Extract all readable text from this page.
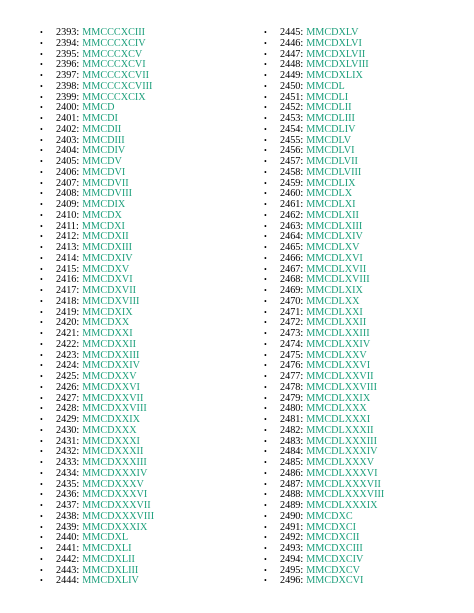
•	2393 : MMCCCXCIII
•	2394 : MMCCCXCIV
•	2395 : MMCCCXCV
•	2396 : MMCCCXCVI
•	2397 : MMCCCXCVII
•	2398 : MMCCCXCVIII
•	2399 : MMCCCXCIX
•	2400 : MMCD
•	2401 : MMCDI
•	2402 : MMCDII
•	2403 : MMCDIII
•	2404 : MMCDIV
•	2405 : MMCDV
•	2406 : MMCDVI
•	2407 : MMCDVII
•	2408 : MMCDVIII
•	2409 : MMCDIX
•	2410 : MMCDX
•	2411 : MMCDXI
•	2412 : MMCDXII
•	2413 : MMCDXIII
•	2414 : MMCDXIV
•	2415 : MMCDXV
•	2416 : MMCDXVI
•	2417 : MMCDXVII
•	2418 : MMCDXVIII
•	2419 : MMCDXIX
•	2420 : MMCDXX
•	2421 : MMCDXXI
•	2422 : MMCDXXII
•	2423 : MMCDXXIII
•	2424 : MMCDXXIV
•	2425 : MMCDXXV
•	2426 : MMCDXXVI
•	2427 : MMCDXXVII
•	2428 : MMCDXXVIII
•	2429 : MMCDXXIX
•	2430 : MMCDXXX
•	2431 : MMCDXXXI
•	2432 : MMCDXXXII
•	2433 : MMCDXXXIII
•	2434 : MMCDXXXIV
•	2435 : MMCDXXXV
•	2436 : MMCDXXXVI
•	2437 : MMCDXXXVII
•	2438 : MMCDXXXVIII
•	2439 : MMCDXXXIX
•	2440 : MMCDXL
•	2441 : MMCDXLI
•	2442 : MMCDXLII
•	2443 : MMCDXLIII
•	2444 : MMCDXLIV
•	2445 : MMCDXLV
•	2446 : MMCDXLVI
•	2447 : MMCDXLVII
•	2448 : MMCDXLVIII
•	2449 : MMCDXLIX
•	2450 : MMCDL
•	2451 : MMCDLI
•	2452 : MMCDLII
•	2453 : MMCDLIII
•	2454 : MMCDLIV
•	2455 : MMCDLV
•	2456 : MMCDLVI
•	2457 : MMCDLVII
•	2458 : MMCDLVIII
•	2459 : MMCDLIX
•	2460 : MMCDLX
•	2461 : MMCDLXI
•	2462 : MMCDLXII
•	2463 : MMCDLXIII
•	2464 : MMCDLXIV
•	2465 : MMCDLXV
•	2466 : MMCDLXVI
•	2467 : MMCDLXVII
•	2468 : MMCDLXVIII
•	2469 : MMCDLXIX
•	2470 : MMCDLXX
•	2471 : MMCDLXXI
•	2472 : MMCDLXXII
•	2473 : MMCDLXXIII
•	2474 : MMCDLXXIV
•	2475 : MMCDLXXV
•	2476 : MMCDLXXVI
•	2477 : MMCDLXXVII
•	2478 : MMCDLXXVIII
•	2479 : MMCDLXXIX
•	2480 : MMCDLXXX
•	2481 : MMCDLXXXI
•	2482 : MMCDLXXXII
•	2483 : MMCDLXXXIII
•	2484 : MMCDLXXXIV
•	2485 : MMCDLXXXV
•	2486 : MMCDLXXXVI
•	2487 : MMCDLXXXVII
•	2488 : MMCDLXXXVIII
•	2489 : MMCDLXXXIX
•	2490 : MMCDXC
•	2491 : MMCDXCI
•	2492 : MMCDXCII
•	2493 : MMCDXCIII
•	2494 : MMCDXCIV
•	2495 : MMCDXCV
•	2496 : MMCDXCVI
